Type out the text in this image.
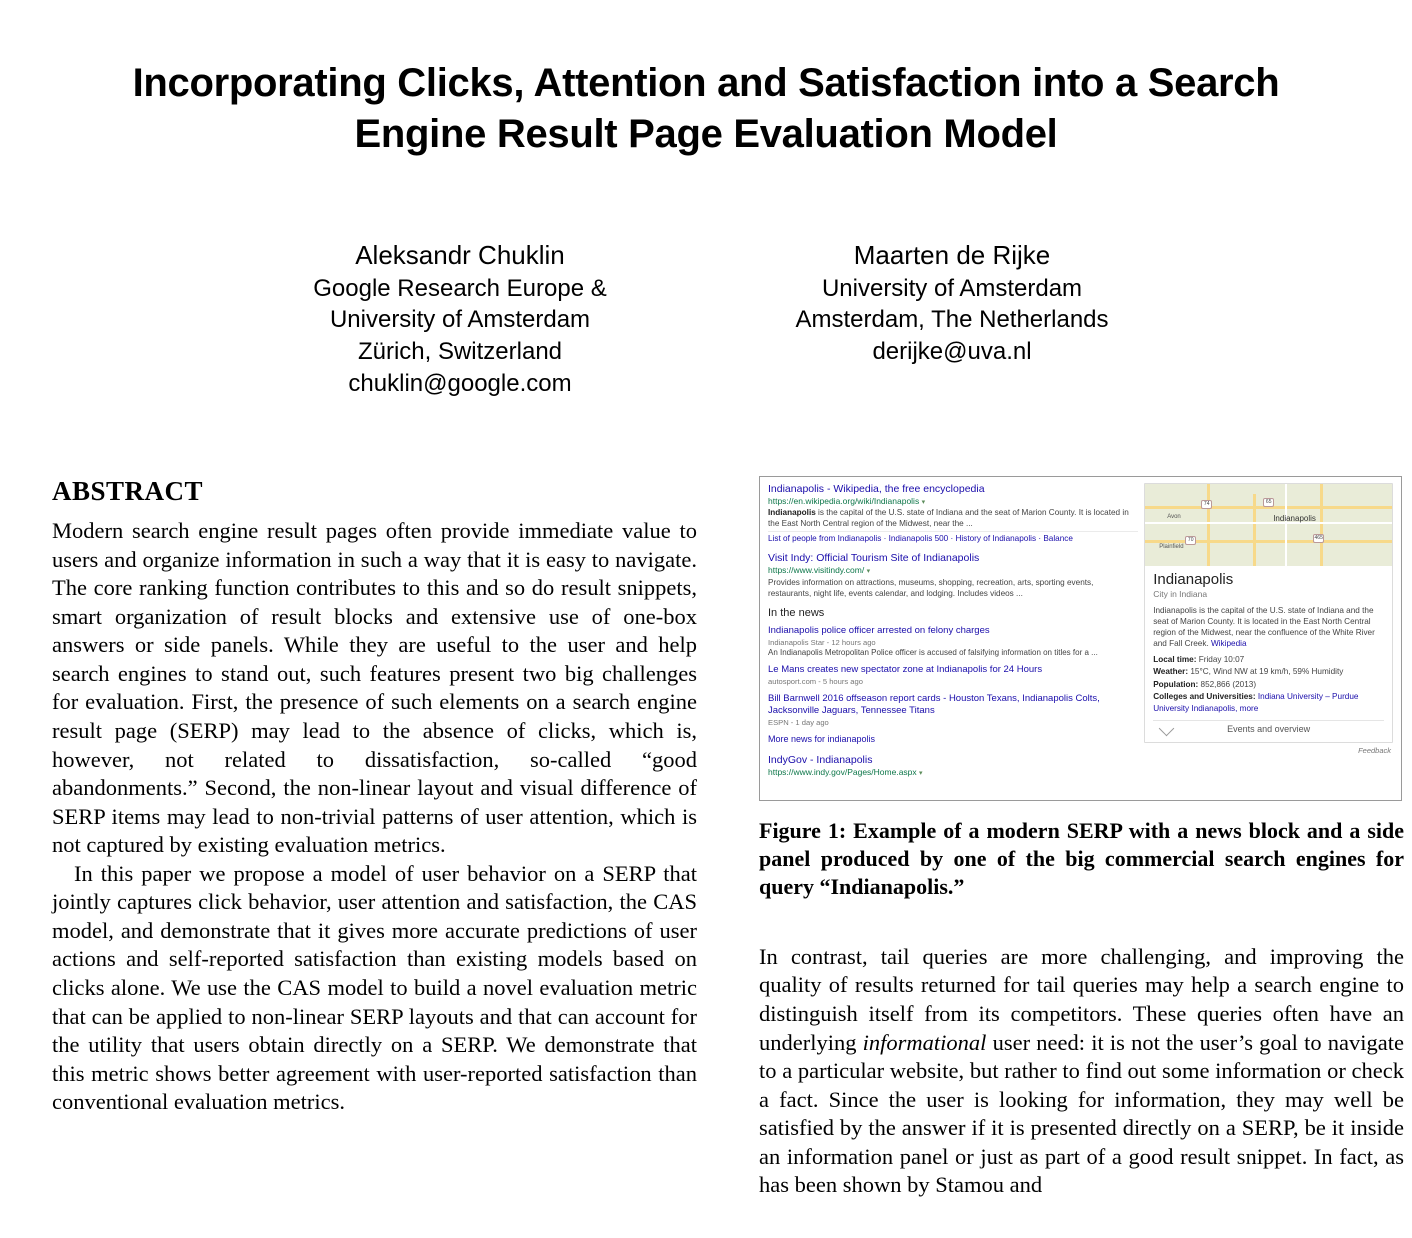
Incorporating Clicks, Attention and Satisfaction into a Search Engine Result Page Evaluation Model
Aleksandr Chuklin
Google Research Europe & University of Amsterdam
Zürich, Switzerland
chuklin@google.com
Maarten de Rijke
University of Amsterdam
Amsterdam, The Netherlands
derijke@uva.nl
ABSTRACT

Modern search engine result pages often provide immediate value to users and organize information in such a way that it is easy to navigate. The core ranking function contributes to this and so do result snippets, smart organization of result blocks and extensive use of one-box answers or side panels. While they are useful to the user and help search engines to stand out, such features present two big challenges for evaluation. First, the presence of such elements on a search engine result page (SERP) may lead to the absence of clicks, which is, however, not related to dissatisfaction, so-called “good abandonments.” Second, the non-linear layout and visual difference of SERP items may lead to non-trivial patterns of user attention, which is not captured by existing evaluation metrics.

In this paper we propose a model of user behavior on a SERP that jointly captures click behavior, user attention and satisfaction, the CAS model, and demonstrate that it gives more accurate predictions of user actions and self-reported satisfaction than existing models based on clicks alone. We use the CAS model to build a novel evaluation metric that can be applied to non-linear SERP layouts and that can account for the utility that users obtain directly on a SERP. We demonstrate that this metric shows better agreement with user-reported satisfaction than conventional evaluation metrics.

Indianapolis - Wikipedia, the free encyclopedia
https://en.wikipedia.org/wiki/Indianapolis ▾
Indianapolis is the capital of the U.S. state of Indiana and the seat of Marion County. It is located in the East North Central region of the Midwest, near the ...
List of people from Indianapolis · Indianapolis 500 · History of Indianapolis · Balance
Visit Indy: Official Tourism Site of Indianapolis
https://www.visitindy.com/ ▾
Provides information on attractions, museums, shopping, recreation, arts, sporting events, restaurants, night life, events calendar, and lodging. Includes videos ...
In the news
Indianapolis police officer arrested on felony charges
Indianapolis Star - 12 hours ago
An Indianapolis Metropolitan Police officer is accused of falsifying information on titles for a ...
Le Mans creates new spectator zone at Indianapolis for 24 Hours
autosport.com - 5 hours ago
Bill Barnwell 2016 offseason report cards - Houston Texans, Indianapolis Colts, Jacksonville Jaguars, Tennessee Titans
ESPN - 1 day ago
More news for indianapolis
IndyGov - Indianapolis
https://www.indy.gov/Pages/Home.aspx ▾
74	65
465
70
Avon	Indianapolis
Plainfield
Indianapolis
City in Indiana
Indianapolis is the capital of the U.S. state of Indiana and the seat of Marion County. It is located in the East North Central region of the Midwest, near the confluence of the White River and Fall Creek. Wikipedia
Local time: Friday 10:07
Weather: 15°C, Wind NW at 19 km/h, 59% Humidity
Population: 852,866 (2013)
Colleges and Universities: Indiana University – Purdue University Indianapolis, more
Events and overview
Feedback
Figure 1: Example of a modern SERP with a news block and a side panel produced by one of the big commercial search engines for query “Indianapolis.”

In contrast, tail queries are more challenging, and improving the quality of results returned for tail queries may help a search engine to distinguish itself from its competitors. These queries often have an underlying informational user need: it is not the user’s goal to navigate to a particular website, but rather to find out some information or check a fact. Since the user is looking for information, they may well be satisfied by the answer if it is presented directly on a SERP, be it inside an information panel or just as part of a good result snippet. In fact, as has been shown by Stamou and
